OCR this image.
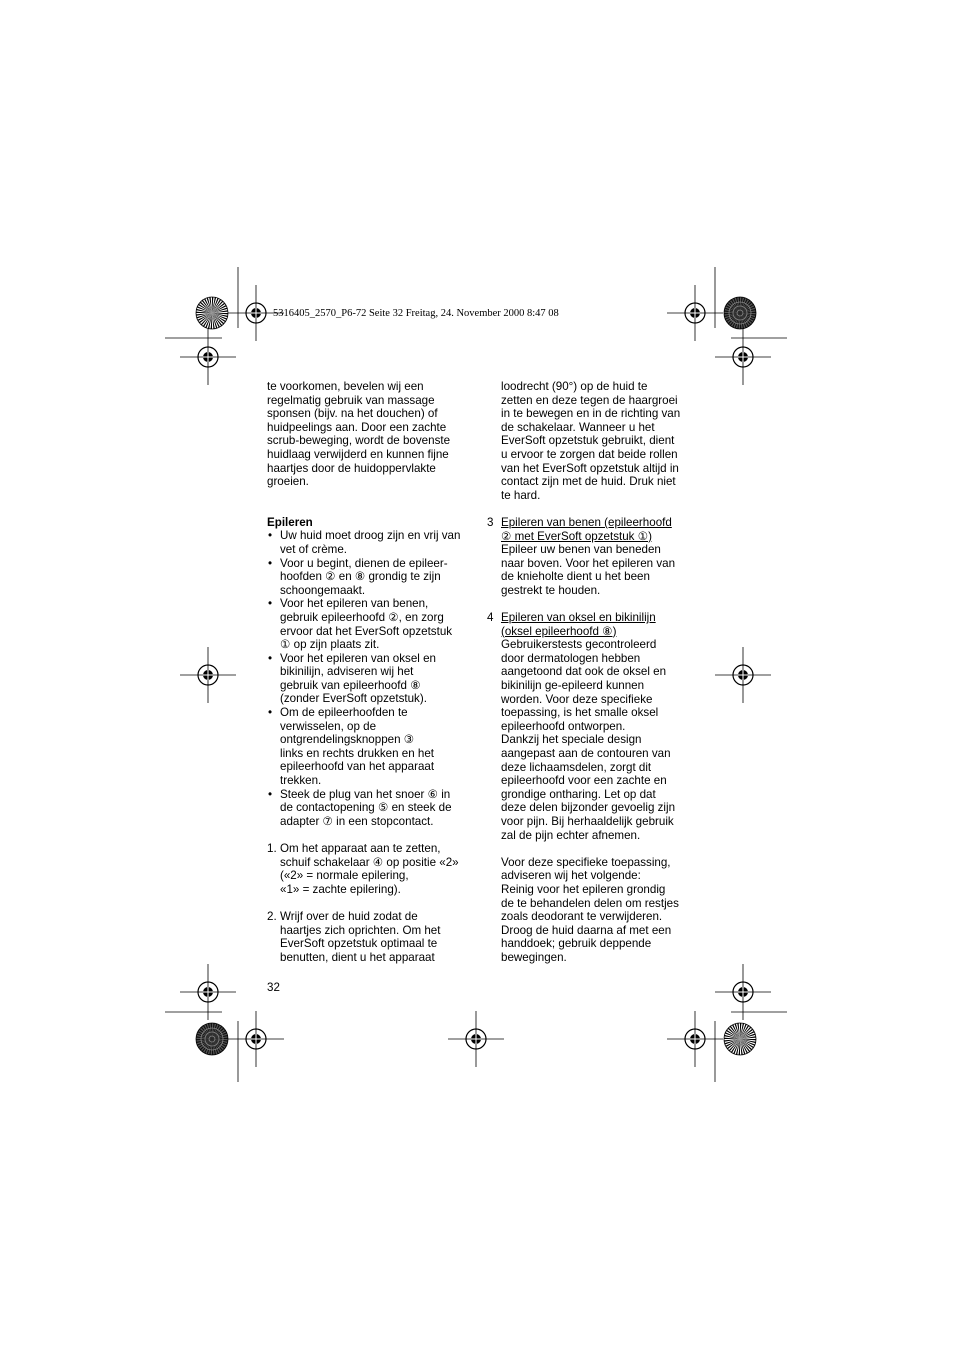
5316405_2570_P6-72 Seite 32 Freitag, 24. November 2000 8:47 08

te voorkomen, bevelen wij een
regelmatig gebruik van massage
sponsen (bijv. na het douchen) of
huidpeelings aan. Door een zachte
scrub-beweging, wordt de bovenste
huidlaag verwijderd en kunnen fijne
haartjes door de huidoppervlakte
groeien.

Epileren

• Uw huid moet droog zijn en vrij van
vet of crème.
• Voor u begint, dienen de epileer-
hoofden ② en ⑧ grondig te zijn
schoongemaakt.
• Voor het epileren van benen,
gebruik epileerhoofd ②, en zorg
ervoor dat het EverSoft opzetstuk
① op zijn plaats zit.
• Voor het epileren van oksel en
bikinilijn, adviseren wij het
gebruik van epileerhoofd ⑧
(zonder EverSoft opzetstuk).
• Om de epileerhoofden te
verwisselen, op de
ontgrendelingsknoppen ③
links en rechts drukken en het
epileerhoofd van het apparaat
trekken.
• Steek de plug van het snoer ⑥ in
de contactopening ⑤ en steek de
adapter ⑦ in een stopcontact.
1. Om het apparaat aan te zetten,
schuif schakelaar ④ op positie «2»
(«2» = normale epilering,
«1» = zachte epilering).

2. Wrijf over de huid zodat de
haartjes zich oprichten. Om het
EverSoft opzetstuk optimaal te
benutten, dient u het apparaat

loodrecht (90°) op de huid te
zetten en deze tegen de haargroei
in te bewegen en in de richting van
de schakelaar. Wanneer u het
EverSoft opzetstuk gebruikt, dient
u ervoor te zorgen dat beide rollen
van het EverSoft opzetstuk altijd in
contact zijn met de huid. Druk niet
te hard.

3 Epileren van benen (epileerhoofd
② met EverSoft opzetstuk ①)

Epileer uw benen van beneden
naar boven. Voor het epileren van
de knieholte dient u het been
gestrekt te houden.

4 Epileren van oksel en bikinilijn
(oksel epileerhoofd ⑧)

Gebruikerstests gecontroleerd
door dermatologen hebben
aangetoond dat ook de oksel en
bikinilijn ge-epileerd kunnen
worden. Voor deze specifieke
toepassing, is het smalle oksel
epileerhoofd ontworpen.
Dankzij het speciale design
aangepast aan de contouren van
deze lichaamsdelen, zorgt dit
epileerhoofd voor een zachte en
grondige ontharing. Let op dat
deze delen bijzonder gevoelig zijn
voor pijn. Bij herhaaldelijk gebruik
zal de pijn echter afnemen.

Voor deze specifieke toepassing,
adviseren wij het volgende:
Reinig voor het epileren grondig
de te behandelen delen om restjes
zoals deodorant te verwijderen.
Droog de huid daarna af met een
handdoek; gebruik deppende
bewegingen.

32
